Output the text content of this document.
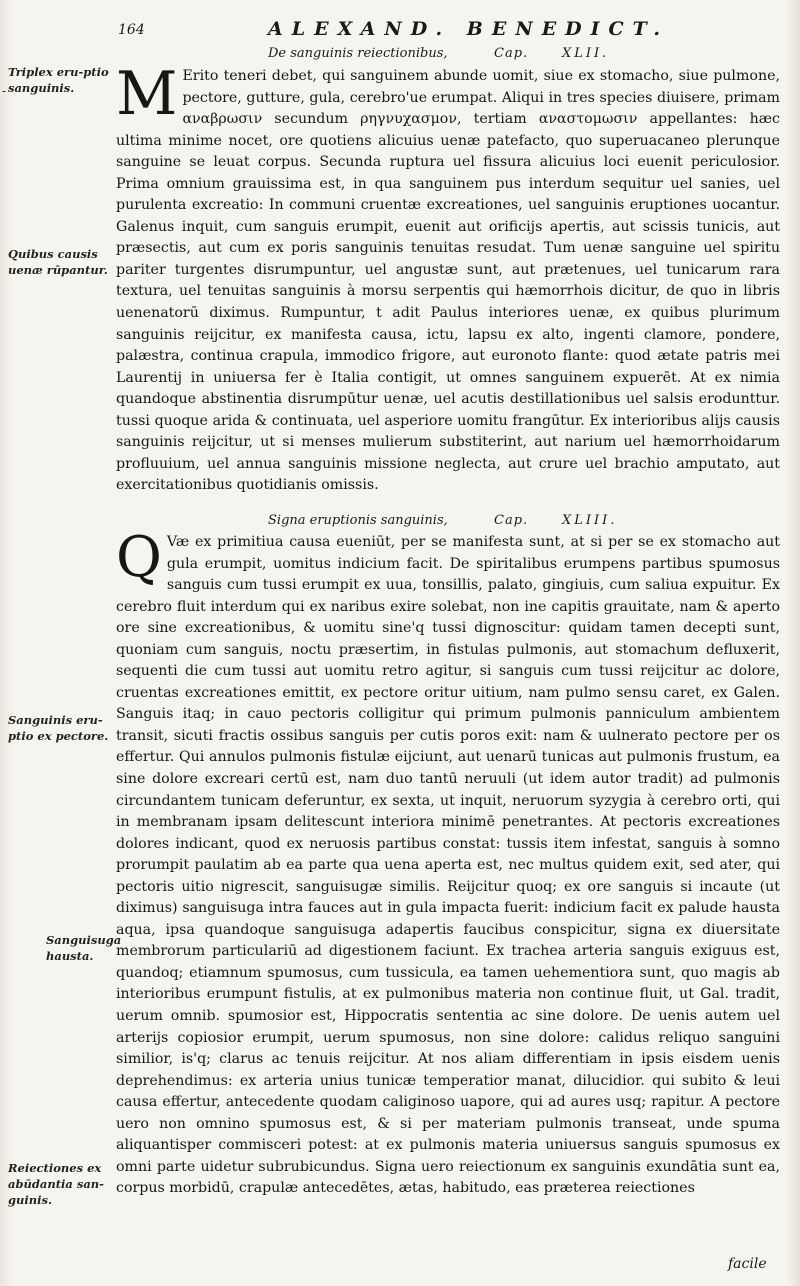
164	ALEXAND. BENEDICT.
Triplex eru-ptio sanguinis.
-
Quibus causis uenæ rūpantur.
Sanguinis eru-ptio ex pectore.
Sanguisuga hausta.
Reiectiones ex abūdantia san-guinis.
De sanguinis reiectionibus,	Cap.	XLII.
M Erito teneri debet, qui sanguinem abunde uomit, siue ex stomacho, siue pulmone, pectore, gutture, gula, cerebro'ue erumpat. Aliqui in tres species diuisere, primam αναβρωσιν secundum ρηγνυχασμον, tertiam αναστομωσιν appellantes: hæc ultima minime nocet, ore quotiens alicuius uenæ patefacto, quo superuacaneo plerunque sanguine se leuat corpus. Secunda ruptura uel fissura alicuius loci euenit periculosior. Prima omnium grauissima est, in qua sanguinem pus interdum sequitur uel sanies, uel purulenta excreatio: In communi cruentæ excreationes, uel sanguinis eruptiones uocantur. Galenus inquit, cum sanguis erumpit, euenit aut orificijs apertis, aut scissis tunicis, aut præsectis, aut cum ex poris sanguinis tenuitas resudat. Tum uenæ sanguine uel spiritu pariter turgentes disrumpuntur, uel angustæ sunt, aut prætenues, uel tunicarum rara textura, uel tenuitas sanguinis à morsu serpentis qui hæmorrhois dicitur, de quo in libris uenenatorū diximus. Rumpuntur, t adit Paulus interiores uenæ, ex quibus plurimum sanguinis reijcitur, ex manifesta causa, ictu, lapsu ex alto, ingenti clamore, pondere, palæstra, continua crapula, immodico frigore, aut euronoto flante: quod ætate patris mei Laurentij in uniuersa fer è Italia contigit, ut omnes sanguinem expuerēt. At ex nimia quandoque abstinentia disrumpūtur uenæ, uel acutis destillationibus uel salsis erodunttur. tussi quoque arida & continuata, uel asperiore uomitu frangūtur. Ex interioribus alijs causis sanguinis reijcitur, ut si menses mulierum substiterint, aut narium uel hæmorrhoidarum profluuium, uel annua sanguinis missione neglecta, aut crure uel brachio amputato, aut exercitationibus quotidianis omissis.
Signa eruptionis sanguinis,	Cap.	XLIII.
Q Væ ex primitiua causa eueniūt, per se manifesta sunt, at si per se ex stomacho aut gula erumpit, uomitus indicium facit. De spiritalibus erumpens partibus spumosus sanguis cum tussi erumpit ex uua, tonsillis, palato, gingiuis, cum saliua expuitur. Ex cerebro fluit interdum qui ex naribus exire solebat, non ine capitis grauitate, nam & aperto ore sine excreationibus, & uomitu sine'q tussi dignoscitur: quidam tamen decepti sunt, quoniam cum sanguis, noctu præsertim, in fistulas pulmonis, aut stomachum defluxerit, sequenti die cum tussi aut uomitu retro agitur, si sanguis cum tussi reijcitur ac dolore, cruentas excreationes emittit, ex pectore oritur uitium, nam pulmo sensu caret, ex Galen. Sanguis itaq; in cauo pectoris colligitur qui primum pulmonis panniculum ambientem transit, sicuti fractis ossibus sanguis per cutis poros exit: nam & uulnerato pectore per os effertur. Qui annulos pulmonis fistulæ eijciunt, aut uenarū tunicas aut pulmonis frustum, ea sine dolore excreari certū est, nam duo tantū neruuli (ut idem autor tradit) ad pulmonis circundantem tunicam deferuntur, ex sexta, ut inquit, neruorum syzygia à cerebro orti, qui in membranam ipsam delitescunt interiora minimē penetrantes. At pectoris excreationes dolores indicant, quod ex neruosis partibus constat: tussis item infestat, sanguis à somno prorumpit paulatim ab ea parte qua uena aperta est, nec multus quidem exit, sed ater, qui pectoris uitio nigrescit, sanguisugæ similis. Reijcitur quoq; ex ore sanguis si incaute (ut diximus) sanguisuga intra fauces aut in gula impacta fuerit: indicium facit ex palude hausta aqua, ipsa quandoque sanguisuga adapertis faucibus conspicitur, signa ex diuersitate membrorum particulariū ad digestionem faciunt. Ex trachea arteria sanguis exiguus est, quandoq; etiamnum spumosus, cum tussicula, ea tamen uehementiora sunt, quo magis ab interioribus erumpunt fistulis, at ex pulmonibus materia non continue fluit, ut Gal. tradit, uerum omnib. spumosior est, Hippocratis sententia ac sine dolore. De uenis autem uel arterijs copiosior erumpit, uerum spumosus, non sine dolore: calidus reliquo sanguini similior, is'q; clarus ac tenuis reijcitur. At nos aliam differentiam in ipsis eisdem uenis deprehendimus: ex arteria unius tunicæ temperatior manat, dilucidior. qui subito & leui causa effertur, antecedente quodam caliginoso uapore, qui ad aures usq; rapitur. A pectore uero non omnino spumosus est, & si per materiam pulmonis transeat, unde spuma aliquantisper commisceri potest: at ex pulmonis materia uniuersus sanguis spumosus ex omni parte uidetur subrubicundus. Signa uero reiectionum ex sanguinis exundātia sunt ea, corpus morbidū, crapulæ antecedētes, ætas, habitudo, eas præterea reiectiones
facile
